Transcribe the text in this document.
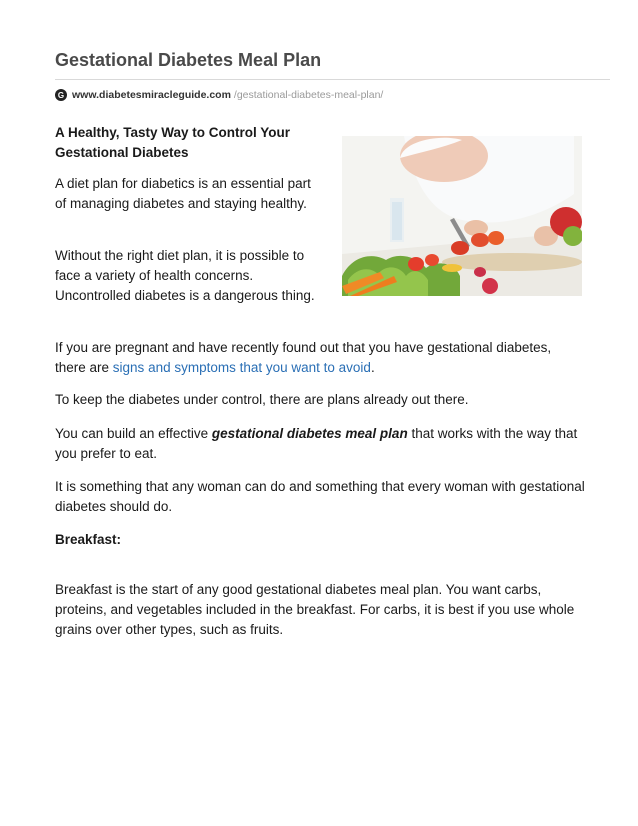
Gestational Diabetes Meal Plan
G www.diabetesmiracleguide.com /gestational-diabetes-meal-plan/
A Healthy, Tasty Way to Control Your Gestational Diabetes
A diet plan for diabetics is an essential part of managing diabetes and staying healthy.
Without the right diet plan, it is possible to face a variety of health concerns. Uncontrolled diabetes is a dangerous thing.
If you are pregnant and have recently found out that you have gestational diabetes, there are signs and symptoms that you want to avoid.
To keep the diabetes under control, there are plans already out there.
You can build an effective gestational diabetes meal plan that works with the way that you prefer to eat.
It is something that any woman can do and something that every woman with gestational diabetes should do.
Breakfast:
Breakfast is the start of any good gestational diabetes meal plan. You want carbs, proteins, and vegetables included in the breakfast. For carbs, it is best if you use whole grains over other types, such as fruits.
